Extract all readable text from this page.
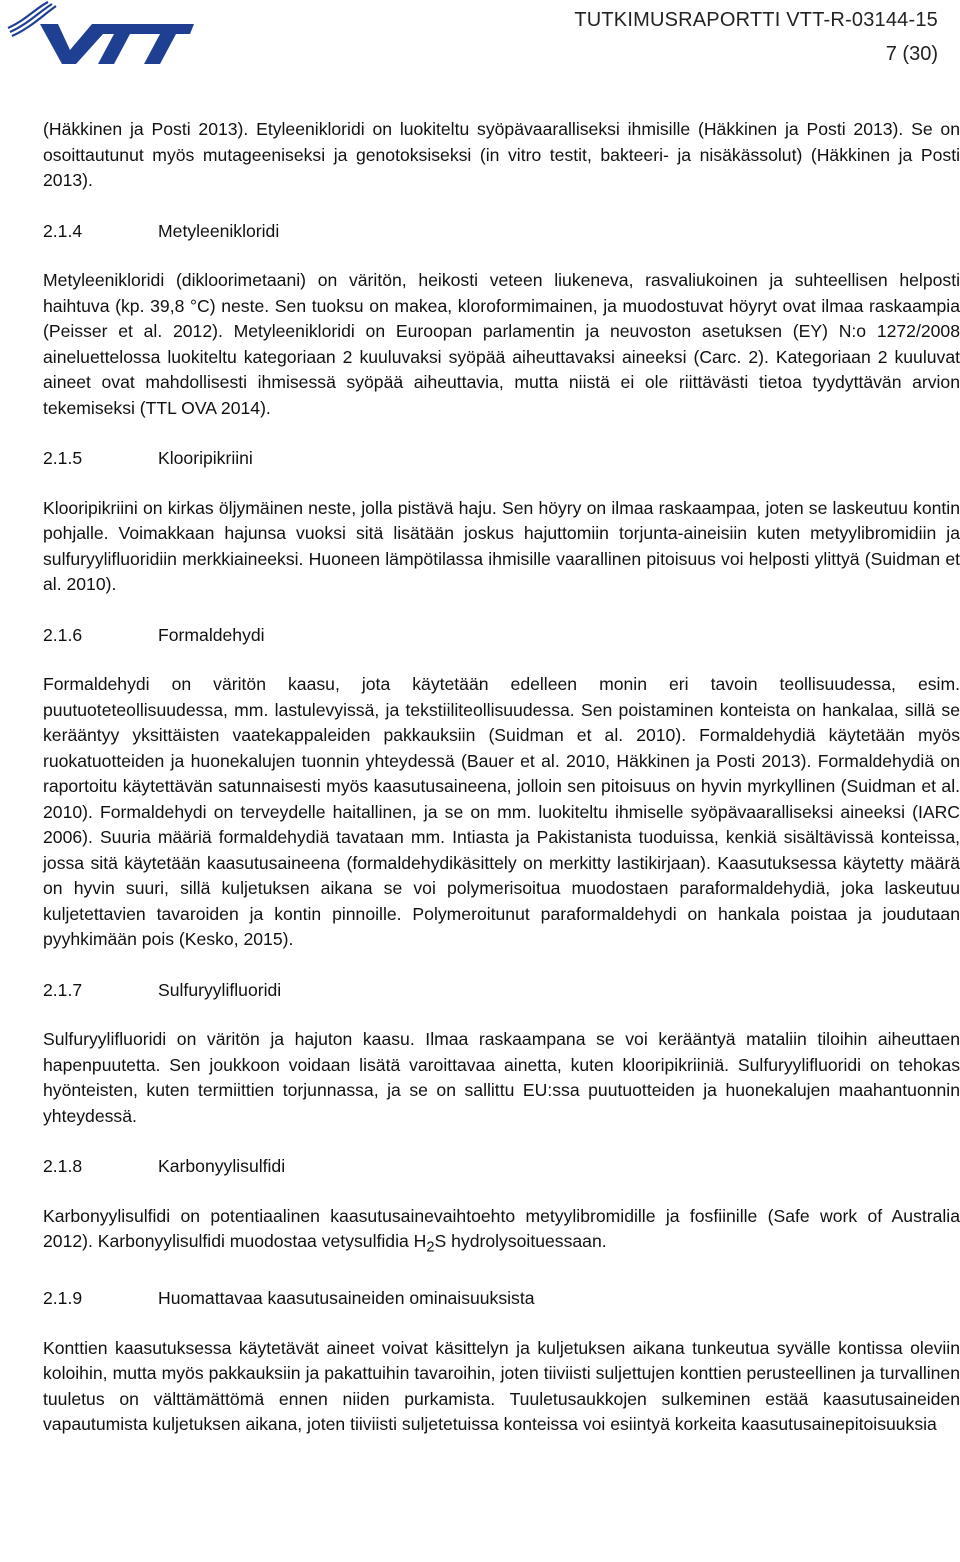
TUTKIMUSRAPORTTI VTT-R-03144-15
7 (30)

(Häkkinen ja Posti 2013). Etyleenikloridi on luokiteltu syöpävaaralliseksi ihmisille (Häkkinen ja Posti 2013). Se on osoittautunut myös mutageeniseksi ja genotoksiseksi (in vitro testit, bakteeri- ja nisäkässolut) (Häkkinen ja Posti 2013).

2.1.4	Metyleenikloridi

Metyleenikloridi (dikloorimetaani) on väritön, heikosti veteen liukeneva, rasvaliukoinen ja suhteellisen helposti haihtuva (kp. 39,8 °C) neste. Sen tuoksu on makea, kloroformimainen, ja muodostuvat höyryt ovat ilmaa raskaampia (Peisser et al. 2012). Metyleenikloridi on Euroopan parlamentin ja neuvoston asetuksen (EY) N:o 1272/2008 aineluettelossa luokiteltu kategoriaan 2 kuuluvaksi syöpää aiheuttavaksi aineeksi (Carc. 2). Kategoriaan 2 kuuluvat aineet ovat mahdollisesti ihmisessä syöpää aiheuttavia, mutta niistä ei ole riittävästi tietoa tyydyttävän arvion tekemiseksi (TTL OVA 2014).

2.1.5	Klooripikriini

Klooripikriini on kirkas öljymäinen neste, jolla pistävä haju. Sen höyry on ilmaa raskaampaa, joten se laskeutuu kontin pohjalle. Voimakkaan hajunsa vuoksi sitä lisätään joskus hajuttomiin torjunta-aineisiin kuten metyylibromidiin ja sulfuryylifluoridiin merkkiaineeksi. Huoneen lämpötilassa ihmisille vaarallinen pitoisuus voi helposti ylittyä (Suidman et al. 2010).

2.1.6	Formaldehydi

Formaldehydi on väritön kaasu, jota käytetään edelleen monin eri tavoin teollisuudessa, esim. puutuoteteollisuudessa, mm. lastulevyissä, ja tekstiiliteollisuudessa. Sen poistaminen konteista on hankalaa, sillä se kerääntyy yksittäisten vaatekappaleiden pakkauksiin (Suidman et al. 2010). Formaldehydiä käytetään myös ruokatuotteiden ja huonekalujen tuonnin yhteydessä (Bauer et al. 2010, Häkkinen ja Posti 2013). Formaldehydiä on raportoitu käytettävän satunnaisesti myös kaasutusaineena, jolloin sen pitoisuus on hyvin myrkyllinen (Suidman et al. 2010). Formaldehydi on terveydelle haitallinen, ja se on mm. luokiteltu ihmiselle syöpävaaralliseksi aineeksi (IARC 2006). Suuria määriä formaldehydiä tavataan mm. Intiasta ja Pakistanista tuoduissa, kenkiä sisältävissä konteissa, jossa sitä käytetään kaasutusaineena (formaldehydikäsittely on merkitty lastikirjaan). Kaasutuksessa käytetty määrä on hyvin suuri, sillä kuljetuksen aikana se voi polymerisoitua muodostaen paraformaldehydiä, joka laskeutuu kuljetettavien tavaroiden ja kontin pinnoille. Polymeroitunut paraformaldehydi on hankala poistaa ja joudutaan pyyhkimään pois (Kesko, 2015).

2.1.7	Sulfuryylifluoridi

Sulfuryylifluoridi on väritön ja hajuton kaasu. Ilmaa raskaampana se voi kerääntyä mataliin tiloihin aiheuttaen hapenpuutetta. Sen joukkoon voidaan lisätä varoittavaa ainetta, kuten klooripikriiniä. Sulfuryylifluoridi on tehokas hyönteisten, kuten termiittien torjunnassa, ja se on sallittu EU:ssa puutuotteiden ja huonekalujen maahantuonnin yhteydessä.

2.1.8	Karbonyylisulfidi

Karbonyylisulfidi on potentiaalinen kaasutusainevaihtoehto metyylibromidille ja fosfiinille (Safe work of Australia 2012). Karbonyylisulfidi muodostaa vetysulfidia $H_2S$ hydrolysoituessaan.

2.1.9	Huomattavaa kaasutusaineiden ominaisuuksista

Konttien kaasutuksessa käytetävät aineet voivat käsittelyn ja kuljetuksen aikana tunkeutua syvälle kontissa oleviin koloihin, mutta myös pakkauksiin ja pakattuihin tavaroihin, joten tiiviisti suljettujen konttien perusteellinen ja turvallinen tuuletus on välttämättömä ennen niiden purkamista. Tuuletusaukkojen sulkeminen estää kaasutusaineiden vapautumista kuljetuksen aikana, joten tiiviisti suljetetuissa konteissa voi esiintyä korkeita kaasutusainepitoisuuksia
